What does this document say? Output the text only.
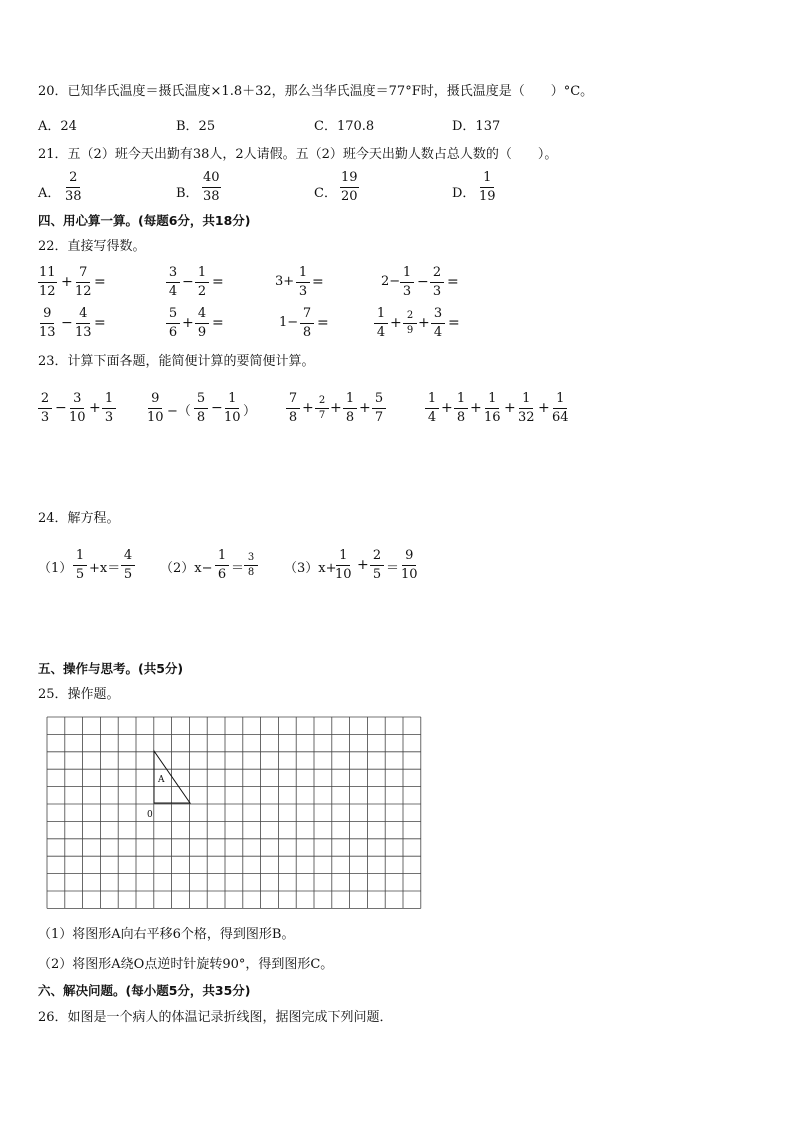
20．已知华氏温度＝摄氏温度×1.8＋32，那么当华氏温度＝77°F时，摄氏温度是（　　）°C。
A．24	B．25	C．170.8	D．137
21．五（2）班今天出勤有38人，2人请假。五（2）班今天出勤人数占总人数的（　　）。
A． $\frac{2}{38}$	B． $\frac{40}{38}$	C． $\frac{19}{20}$	D． $\frac{1}{19}$
四、用心算一算。(每题6分，共18分)
22．直接写得数。
$\frac{11}{12} + \frac{7}{12}$ =	$\frac{3}{4} - \frac{1}{2}$ =	$3+ \frac{1}{3}$ =	$2- \frac{1}{3} - \frac{2}{3}$ =
$\frac{9}{13} - \frac{4}{13}$ =	$\frac{5}{6} + \frac{4}{9}$ =	$1- \frac{7}{8}$ =	$\frac{1}{4} + \frac{2}{9} + \frac{3}{4}$ =
23．计算下面各题，能简便计算的要简便计算。
$\frac{2}{3} - \frac{3}{10} + \frac{1}{3} \frac{9}{10}$ −（ $\frac{5}{8} - \frac{1}{10}$ ） $\frac{7}{8} + \frac{2}{7} + \frac{1}{8} + \frac{5}{7}$	$\frac{1}{4} + \frac{1}{8} + \frac{1}{16} + \frac{1}{32} + \frac{1}{64}$
24．解方程。
$(1) \frac{1}{5} +x= \frac{4}{5} (2)x- \frac{1}{6} = \frac{3}{8} (3)x+$
$\frac{1}{10} + \frac{2}{5} = \frac{9}{10}$
五、操作与思考。(共5分)
25．操作题。
A
0
（1）将图形A向右平移6个格，得到图形B。
（2）将图形A绕O点逆时针旋转90°，得到图形C。
六、解决问题。(每小题5分，共35分)
26．如图是一个病人的体温记录折线图，据图完成下列问题．
